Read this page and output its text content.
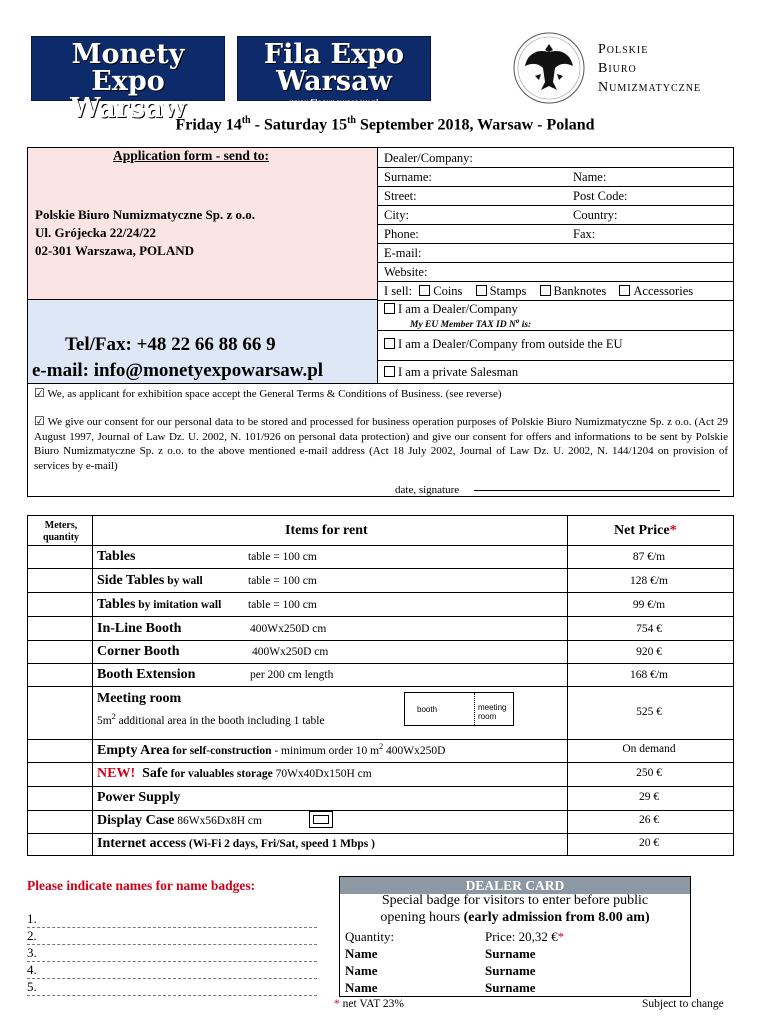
Monety Expo
Warsaw
www.monetyexpowarsaw.pl
Fila Expo
Warsaw
www.filaexpowarsaw.pl
Polskie
Biuro
Numizmatyczne
Friday 14th - Saturday 15th September 2018, Warsaw - Poland
Application form - send to:
Polskie Biuro Numizmatyczne Sp. z o.o.
Ul. Grójecka 22/24/22
02-301 Warszawa, POLAND
Tel/Fax: +48 22 66 88 66 9
e-mail: info@monetyexpowarsaw.pl
Dealer/Company:
Surname:	Name:
Street:	Post Code:
City:	Country:
Phone:	Fax:
E-mail:
Website:
I sell: Coins Stamps Banknotes Accessories
I am a Dealer/Company
My EU Member TAX ID $N^o$ is:
I am a Dealer/Company from outside the EU
I am a private Salesman
☑ We, as applicant for exhibition space accept the General Terms & Conditions of Business. (see reverse)
☑ We give our consent for our personal data to be stored and processed for business operation purposes of Polskie Biuro Numizmatyczne Sp. z o.o. (Act 29 August 1997, Journal of Law Dz. U. 2002, N. 101/926 on personal data protection) and give our consent for offers and informations to be sent by Polskie Biuro Numizmatyczne Sp. z o.o. to the above mentioned e-mail address (Act 18 July 2002, Journal of Law Dz. U. 2002, N. 144/1204 on provision of services by e-mail)
date, signature
Meters, quantity	Items for rent	Net Price*
Tables	table = 100 cm	87 €/m
Side Tables by wall	table = 100 cm	128 €/m
Tables by imitation wall table = 100 cm	99 €/m
In-Line Booth	400Wx250D cm	754 €
Corner Booth	400Wx250D cm	920 €
Booth Extension	per 200 cm length	168 €/m
Meeting room
$5m^2$ additional area in the booth including 1 table
booth	meeting room	525 €
Empty Area for self-construction - minimum order 10 $m^2$ 400Wx250D	On demand
NEW! Safe for valuables storage 70Wx40Dx150H cm	250 €
Power Supply	29 €
Display Case 86Wx56Dx8H cm	26 €
Internet access (Wi-Fi 2 days, Fri/Sat, speed 1 Mbps )	20 €
Please indicate names for name badges:
1.
2.
3.
4.
5.
DEALER CARD
Special badge for visitors to enter before public
opening hours (early admission from 8.00 am)
Quantity:	Price: 20,32 €*
Name	Surname
Name	Surname
Name	Surname
* net VAT 23%	Subject to change
